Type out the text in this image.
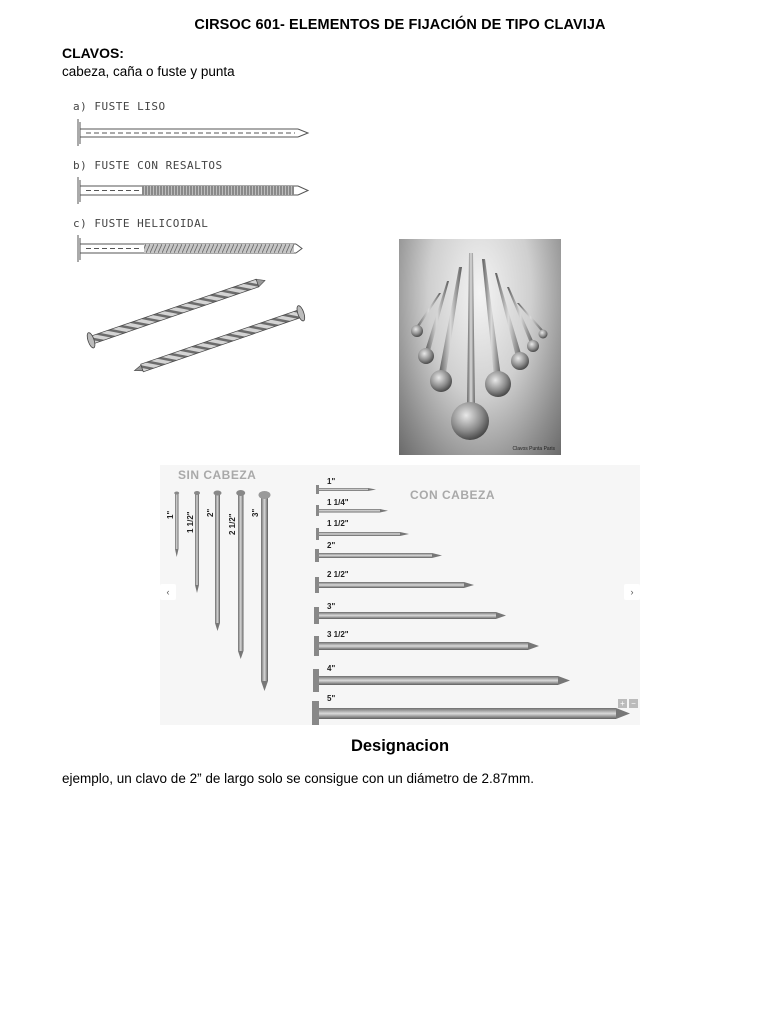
CIRSOC 601- ELEMENTOS DE FIJACIÓN DE TIPO CLAVIJA
CLAVOS:
cabeza, caña o fuste y punta
a) FUSTE LISO
b) FUSTE CON RESALTOS
c) FUSTE HELICOIDAL
Clavos Punta Paris
SIN CABEZA
CON CABEZA
1" 1 1/2" 2"
2 1/2"
3"
1"
1 1/4"
1 1/2"
2"
2 1/2"
3"
3 1/2"
4"
5"
‹	›
+ −
Designacion
ejemplo, un clavo de 2” de largo solo se consigue con un diámetro de 2.87mm.
